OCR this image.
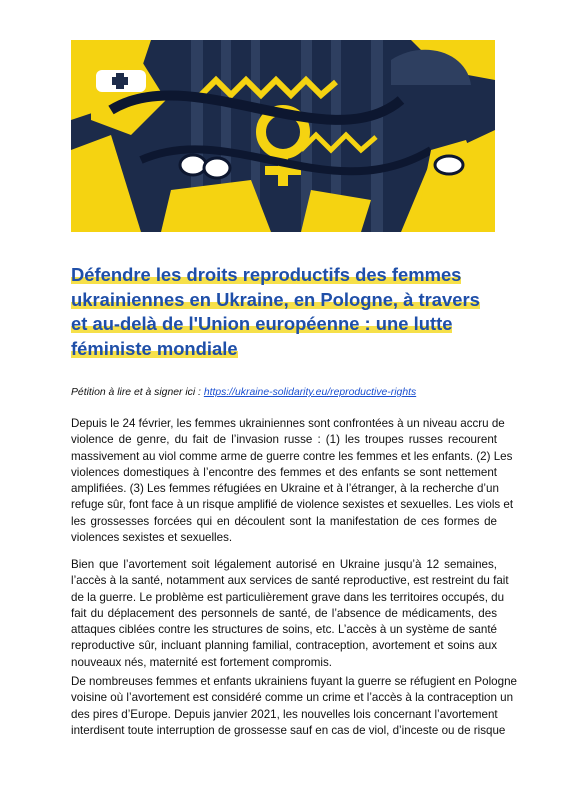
Défendre les droits reproductifs des femmes
ukrainiennes en Ukraine, en Pologne, à travers
et au-delà de l'Union européenne : une lutte
féministe mondiale

Pétition à lire et à signer ici : https://ukraine-solidarity.eu/reproductive-rights

Depuis le 24 février, les femmes ukrainiennes sont confrontées à un niveau accru de
violence de genre, du fait de l’invasion russe : (1) les troupes russes recourent
massivement au viol comme arme de guerre contre les femmes et les enfants. (2) Les
violences domestiques à l’encontre des femmes et des enfants se sont nettement
amplifiées. (3) Les femmes réfugiées en Ukraine et à l’étranger, à la recherche d’un
refuge sûr, font face à un risque amplifié de violence sexistes et sexuelles. Les viols et
les grossesses forcées qui en découlent sont la manifestation de ces formes de
violences sexistes et sexuelles.

Bien que l’avortement soit légalement autorisé en Ukraine jusqu’à 12 semaines,
l’accès à la santé, notamment aux services de santé reproductive, est restreint du fait
de la guerre. Le problème est particulièrement grave dans les territoires occupés, du
fait du déplacement des personnels de santé, de l’absence de médicaments, des
attaques ciblées contre les structures de soins, etc. L’accès à un système de santé
reproductive sûr, incluant planning familial, contraception, avortement et soins aux
nouveaux nés, maternité est fortement compromis.

De nombreuses femmes et enfants ukrainiens fuyant la guerre se réfugient en Pologne
voisine où l’avortement est considéré comme un crime et l’accès à la contraception un
des pires d’Europe. Depuis janvier 2021, les nouvelles lois concernant l’avortement
interdisent toute interruption de grossesse sauf en cas de viol, d’inceste ou de risque
